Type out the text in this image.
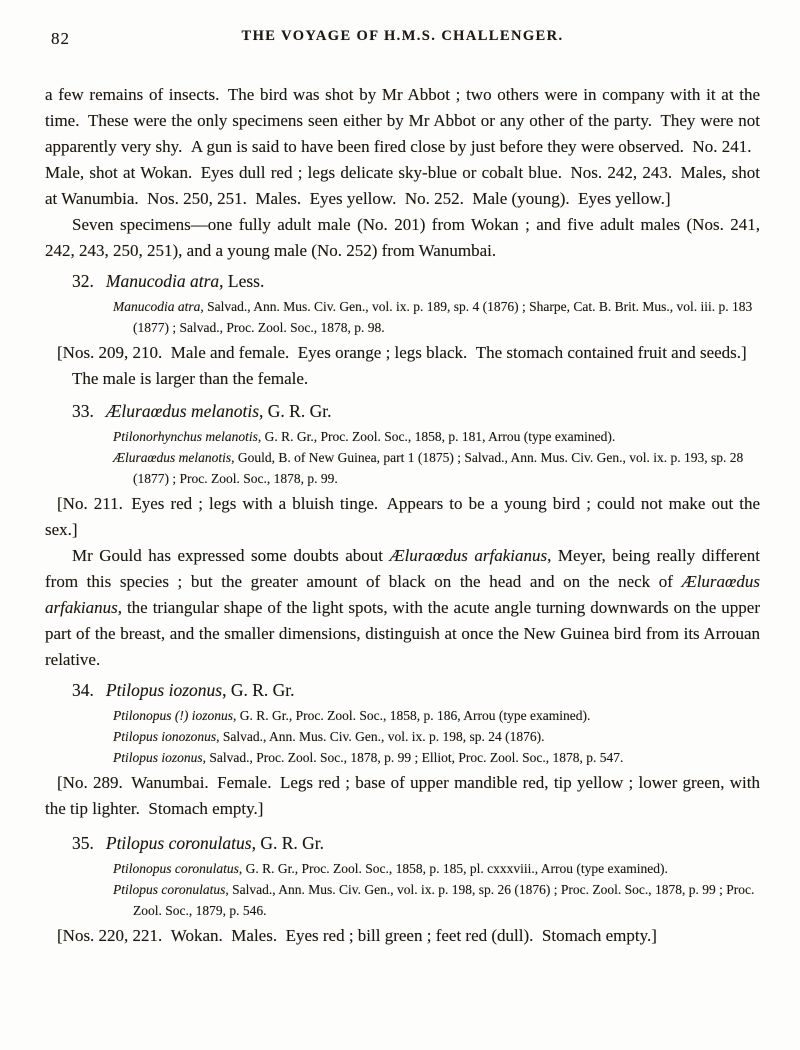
82	THE VOYAGE OF H.M.S. CHALLENGER.

a few remains of insects. The bird was shot by Mr Abbot ; two others were in company with it at the time. These were the only specimens seen either by Mr Abbot or any other of the party. They were not apparently very shy. A gun is said to have been fired close by just before they were observed. No. 241. Male, shot at Wokan. Eyes dull red ; legs delicate sky-blue or cobalt blue. Nos. 242, 243. Males, shot at Wanumbia. Nos. 250, 251. Males. Eyes yellow. No. 252. Male (young). Eyes yellow.]

Seven specimens—one fully adult male (No. 201) from Wokan ; and five adult males (Nos. 241, 242, 243, 250, 251), and a young male (No. 252) from Wanumbai.

32. Manucodia atra, Less.

Manucodia atra, Salvad., Ann. Mus. Civ. Gen., vol. ix. p. 189, sp. 4 (1876) ; Sharpe, Cat. B. Brit. Mus., vol. iii. p. 183 (1877) ; Salvad., Proc. Zool. Soc., 1878, p. 98.

[Nos. 209, 210. Male and female. Eyes orange ; legs black. The stomach contained fruit and seeds.]

The male is larger than the female.

33. Æluraœdus melanotis, G. R. Gr.

Ptilonorhynchus melanotis, G. R. Gr., Proc. Zool. Soc., 1858, p. 181, Arrou (type examined).

Æluraœdus melanotis, Gould, B. of New Guinea, part 1 (1875) ; Salvad., Ann. Mus. Civ. Gen., vol. ix. p. 193, sp. 28 (1877) ; Proc. Zool. Soc., 1878, p. 99.

[No. 211. Eyes red ; legs with a bluish tinge. Appears to be a young bird ; could not make out the sex.]

Mr Gould has expressed some doubts about Æluraœdus arfakianus, Meyer, being really different from this species ; but the greater amount of black on the head and on the neck of Æluraœdus arfakianus, the triangular shape of the light spots, with the acute angle turning downwards on the upper part of the breast, and the smaller dimensions, distinguish at once the New Guinea bird from its Arrouan relative.

34. Ptilopus iozonus, G. R. Gr.

Ptilonopus (!) iozonus, G. R. Gr., Proc. Zool. Soc., 1858, p. 186, Arrou (type examined).

Ptilopus ionozonus, Salvad., Ann. Mus. Civ. Gen., vol. ix. p. 198, sp. 24 (1876).

Ptilopus iozonus, Salvad., Proc. Zool. Soc., 1878, p. 99 ; Elliot, Proc. Zool. Soc., 1878, p. 547.

[No. 289. Wanumbai. Female. Legs red ; base of upper mandible red, tip yellow ; lower green, with the tip lighter. Stomach empty.]

35. Ptilopus coronulatus, G. R. Gr.

Ptilonopus coronulatus, G. R. Gr., Proc. Zool. Soc., 1858, p. 185, pl. cxxxviii., Arrou (type examined).

Ptilopus coronulatus, Salvad., Ann. Mus. Civ. Gen., vol. ix. p. 198, sp. 26 (1876) ; Proc. Zool. Soc., 1878, p. 99 ; Proc. Zool. Soc., 1879, p. 546.

[Nos. 220, 221. Wokan. Males. Eyes red ; bill green ; feet red (dull). Stomach empty.]
